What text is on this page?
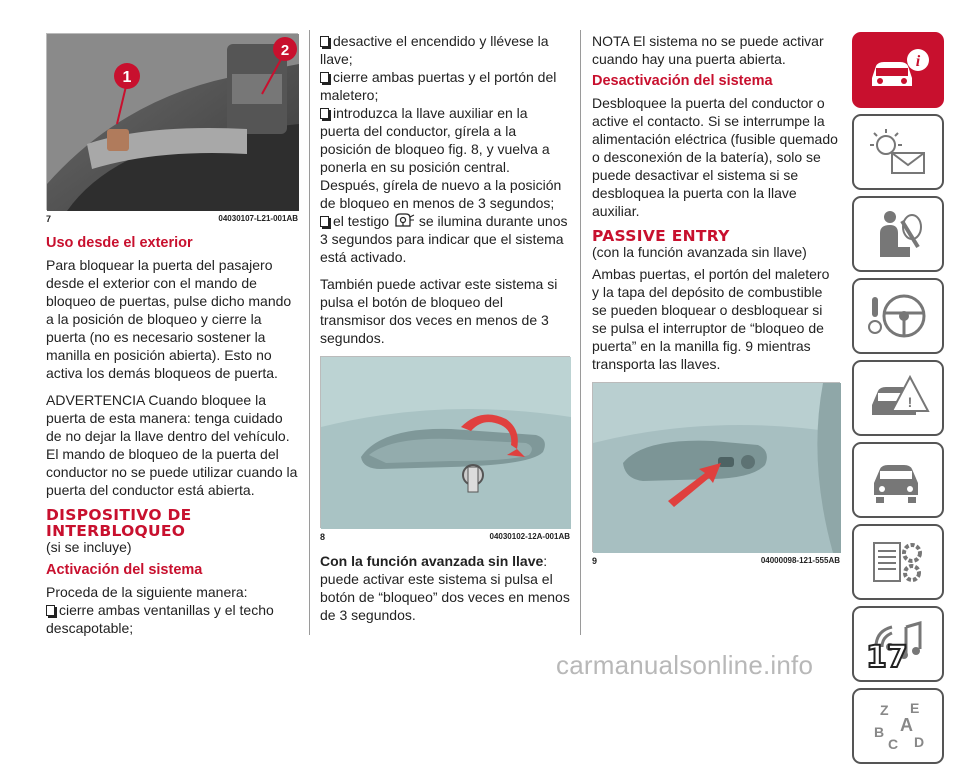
1
2
7	04030107-L21-001AB
Uso desde el exterior

Para bloquear la puerta del pasajero desde el exterior con el mando de bloqueo de puertas, pulse dicho mando a la posición de bloqueo y cierre la puerta (no es necesario sostener la manilla en posición abierta). Esto no activa los demás bloqueos de puerta.

ADVERTENCIA Cuando bloquee la puerta de esta manera: tenga cuidado de no dejar la llave dentro del vehículo. El mando de bloqueo de la puerta del conductor no se puede utilizar cuando la puerta del conductor está abierta.

DISPOSITIVO DE
INTERBLOQUEO

(si se incluye)

Activación del sistema

Proceda de la siguiente manera:

cierre ambas ventanillas y el techo descapotable;

desactive el encendido y llévese la llave;

cierre ambas puertas y el portón del maletero;

introduzca la llave auxiliar en la puerta del conductor, gírela a la posición de bloqueo fig. 8, y vuelva a ponerla en su posición central. Después, gírela de nuevo a la posición de bloqueo en menos de 3 segundos;

el testigo se ilumina durante unos 3 segundos para indicar que el sistema está activado.

También puede activar este sistema si pulsa el botón de bloqueo del transmisor dos veces en menos de 3 segundos.

8	04030102-12A-001AB

Con la función avanzada sin llave:

puede activar este sistema si pulsa el botón de “bloqueo” dos veces en menos de 3 segundos.

NOTA El sistema no se puede activar cuando hay una puerta abierta.

Desactivación del sistema

Desbloquee la puerta del conductor o active el contacto. Si se interrumpe la alimentación eléctrica (fusible quemado o desconexión de la batería), solo se puede desactivar el sistema si se desbloquea la puerta con la llave auxiliar.

PASSIVE ENTRY

(con la función avanzada sin llave)

Ambas puertas, el portón del maletero y la tapa del depósito de combustible se pueden bloquear o desbloquear si se pulsa el interruptor de “bloqueo de puerta” en la manilla fig. 9 mientras transporta las llaves.

9	04000098-121-555AB
i
!
Z E
A
B
C D
carmanualsonline.info 17
